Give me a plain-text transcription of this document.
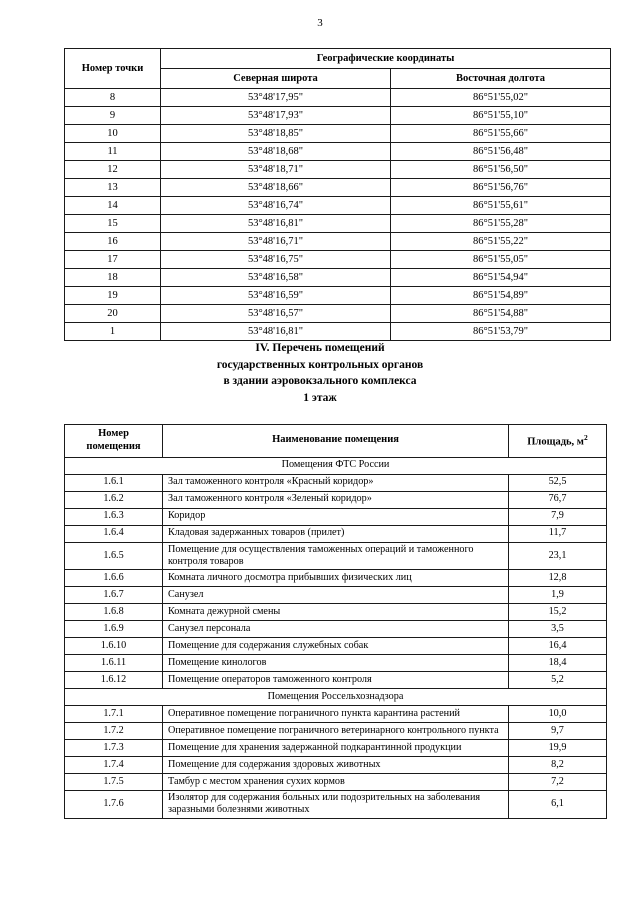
3
Номер точки	Географические координаты	
	Северная широта	Восточная долгота
8	53°48'17,95"	86°51'55,02"
9	53°48'17,93"	86°51'55,10"
10	53°48'18,85"	86°51'55,66"
11	53°48'18,68"	86°51'56,48"
12	53°48'18,71"	86°51'56,50"
13	53°48'18,66"	86°51'56,76"
14	53°48'16,74"	86°51'55,61"
15	53°48'16,81"	86°51'55,28"
16	53°48'16,71"	86°51'55,22"
17	53°48'16,75"	86°51'55,05"
18	53°48'16,58"	86°51'54,94"
19	53°48'16,59"	86°51'54,89"
20	53°48'16,57"	86°51'54,88"
1	53°48'16,81"	86°51'53,79"
IV. Перечень помещений
государственных контрольных органов
в здании аэровокзального комплекса
1 этаж
Номер
помещения	Наименование помещения	Площадь, $м^2$
Помещения ФТС России		
1.6.1	Зал таможенного контроля «Красный коридор»	52,5
1.6.2	Зал таможенного контроля «Зеленый коридор»	76,7
1.6.3	Коридор	7,9
1.6.4	Кладовая задержанных товаров (прилет)	11,7
1.6.5	Помещение для осуществления таможенных операций и таможенного контроля товаров	23,1
1.6.6	Комната личного досмотра прибывших физических лиц	12,8
1.6.7	Санузел	1,9
1.6.8	Комната дежурной смены	15,2
1.6.9	Санузел персонала	3,5
1.6.10	Помещение для содержания служебных собак	16,4
1.6.11	Помещение кинологов	18,4
1.6.12	Помещение операторов таможенного контроля	5,2
Помещения Россельхознадзора		
1.7.1	Оперативное помещение пограничного пункта карантина растений	10,0
1.7.2	Оперативное помещение пограничного ветеринарного контрольного пункта	9,7
1.7.3	Помещение для хранения задержанной подкарантинной продукции	19,9
1.7.4	Помещение для содержания здоровых животных	8,2
1.7.5	Тамбур с местом хранения сухих кормов	7,2
1.7.6	Изолятор для содержания больных или подозрительных на заболевания заразными болезнями животных	6,1
